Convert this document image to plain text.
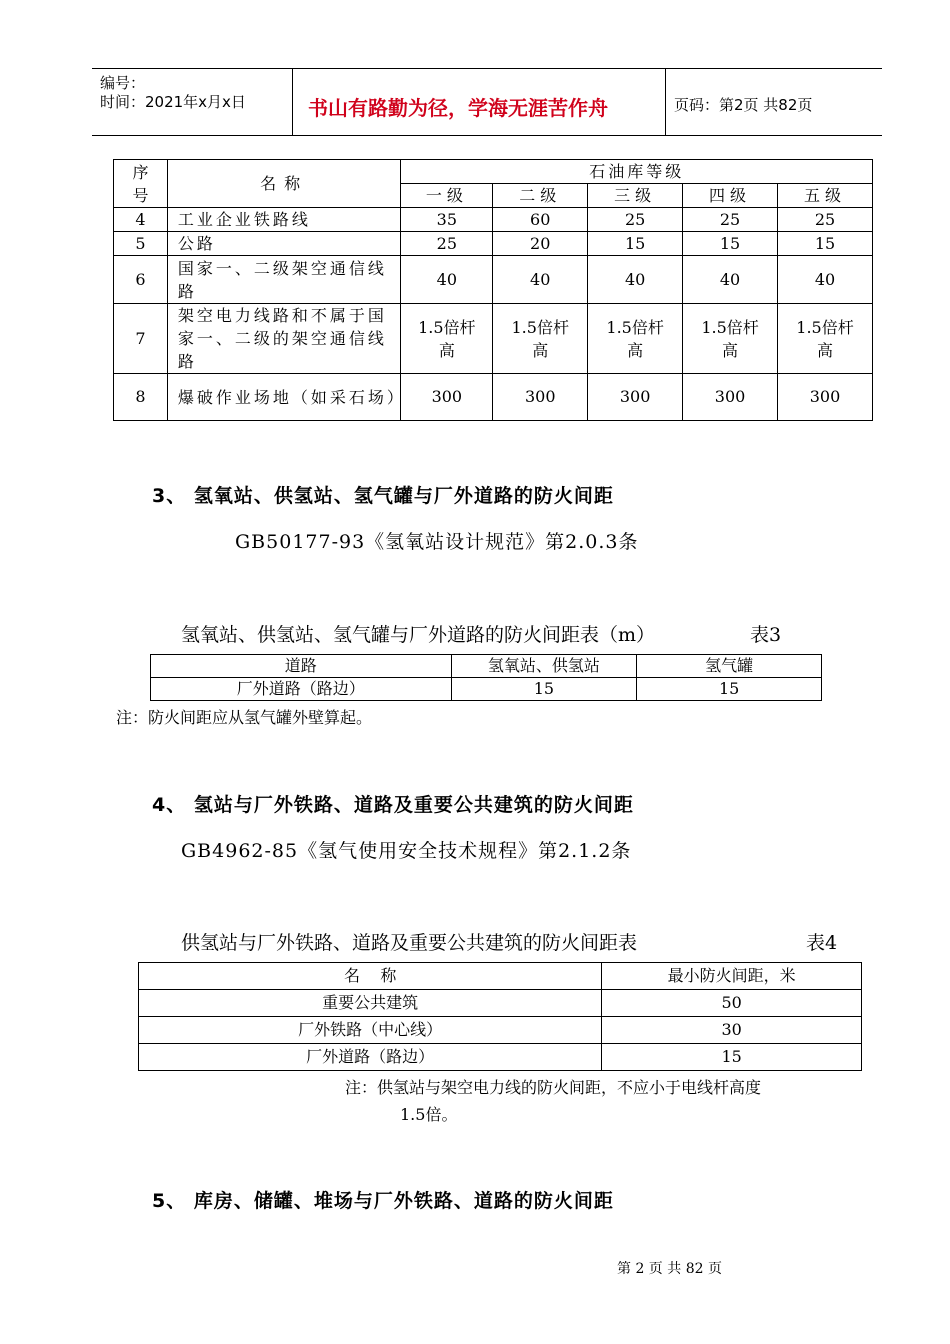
编号：
时间：2021年x月x日	书山有路勤为径，学海无涯苦作舟	页码：第2页 共82页
序
号	名称	石油库等级				
		一级	二级	三级	四级	五级
4	工业企业铁路线	35	60	25	25	25
5	公路	25	20	15	15	15
6	国家一、二级架空通信线路	40	40	40	40	40
7	架空电力线路和不属于国家一、二级的架空通信线路	1.5倍杆高	1.5倍杆高	1.5倍杆高	1.5倍杆高	1.5倍杆高
8	爆破作业场地（如采石场）	300	300	300	300	300
3、 氢氧站、供氢站、氢气罐与厂外道路的防火间距
GB50177-93《氢氧站设计规范》第2.0.3条
氢氧站、供氢站、氢气罐与厂外道路的防火间距表（m）	表3
道路	氢氧站、供氢站	氢气罐
厂外道路（路边）	15	15
注：防火间距应从氢气罐外壁算起。
4、 氢站与厂外铁路、道路及重要公共建筑的防火间距
GB4962-85《氢气使用安全技术规程》第2.1.2条
供氢站与厂外铁路、道路及重要公共建筑的防火间距表	表4
名    称	最小防火间距，米
重要公共建筑	50
厂外铁路（中心线）	30
厂外道路（路边）	15
注：供氢站与架空电力线的防火间距，不应小于电线杆高度
1.5倍。
5、 库房、储罐、堆场与厂外铁路、道路的防火间距
第 2 页 共 82 页
